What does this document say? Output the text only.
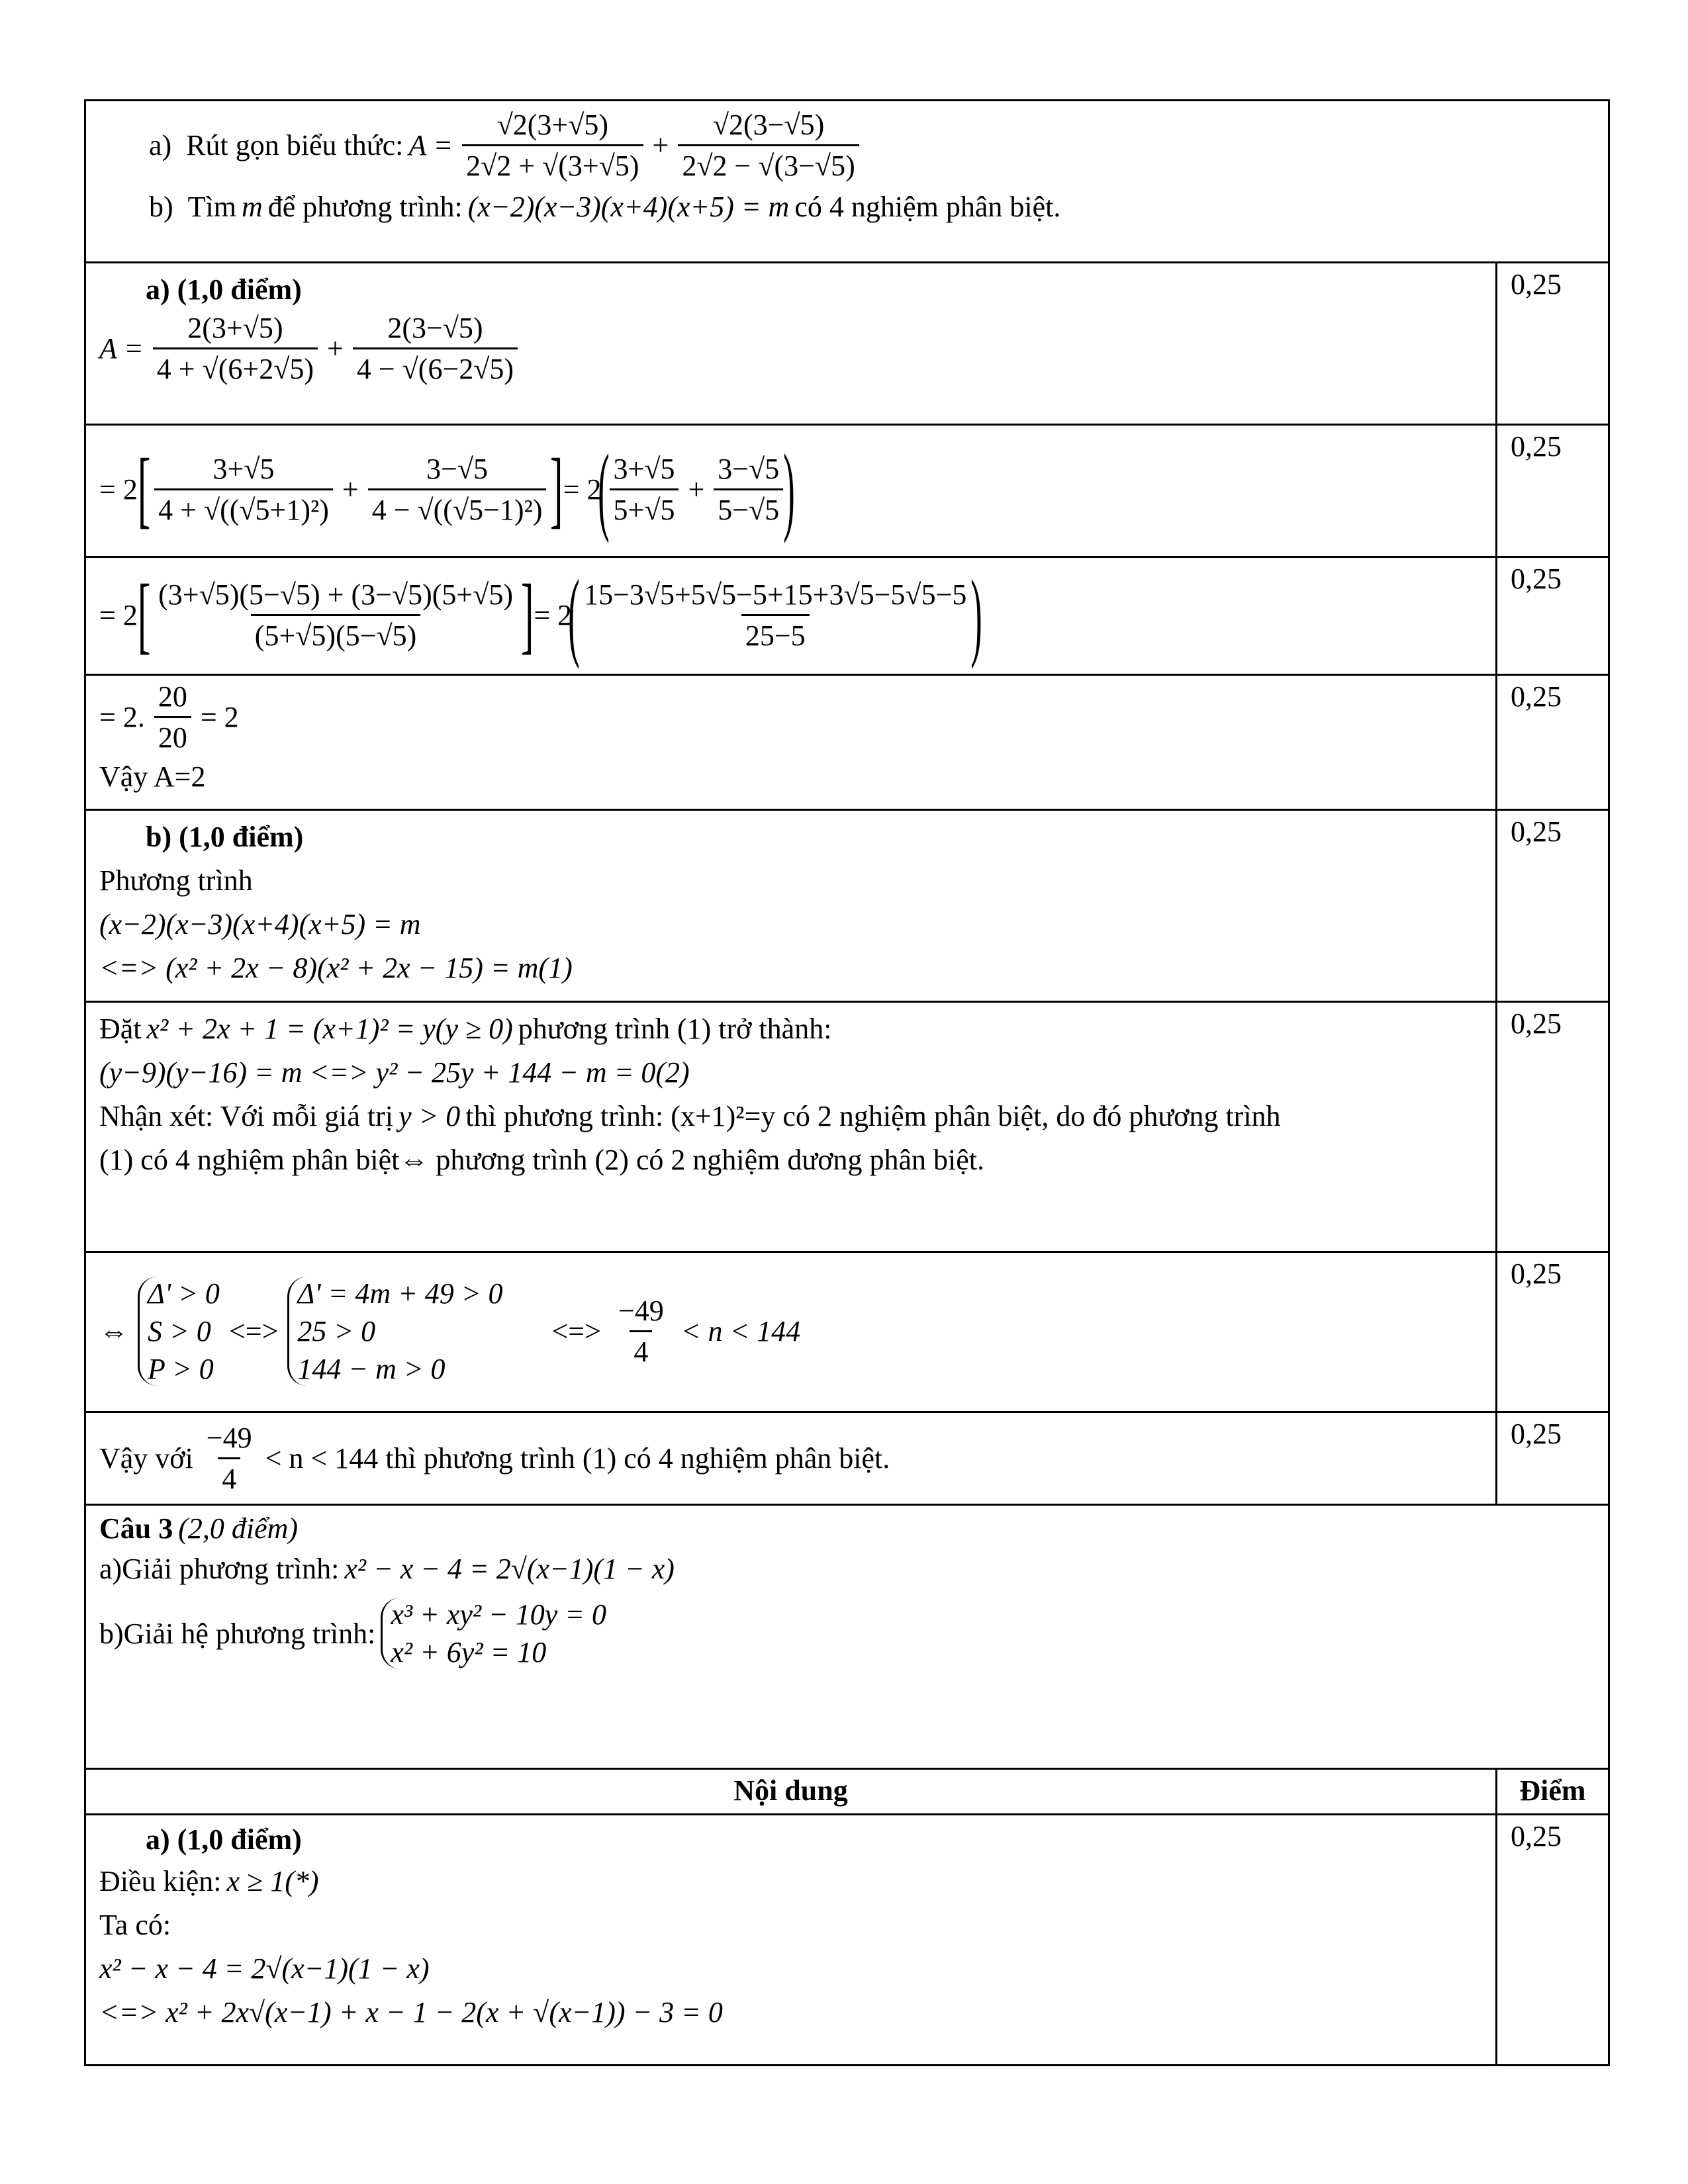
a) Rút gọn biểu thức: $A = \frac{√2(3+√5)}{2√2 + √(3+√5)} + \frac{√2(3-√5)}{2√2 - √(3-√5)}$
b) Tìm m để phương trình: (x−2)(x−3)(x+4)(x+5) = m có 4 nghiệm phân biệt.
a) (1,0 điểm)
$A = \frac{2(3+√5)}{4 + √(6+2√5)} + \frac{2(3-√5)}{4 - √(6-2√5)}$
0,25
= 2 [ $\frac{3+√5}{\text{4 + √((√5+1)²)}} + \frac{3-√5}{\text{4 − √((√5−1)²)}}$ ] = 2
( $\frac{3+√5}{5+√5} + \frac{3-√5}{5-√5}$ )	0,25
= 2 [ $\frac{(3+√5)(5-√5) + (3-√5)(5+√5)}{(5+√5)(5-√5)}$ ] = 2
( $\frac{15-3√5+5√5-5+15+3√5-5√5-5}{25-5}$ )	0,25
= 2. $\frac{20}{20} = 2$
Vậy A=2
0,25
b) (1,0 điểm)
Phương trình
(x−2)(x−3)(x+4)(x+5) = m
<=> (x² + 2x − 8)(x² + 2x − 15) = m(1)
0,25
Đặt x² + 2x + 1 = (x+1)² = y(y ≥ 0) phương trình (1) trở thành:
(y−9)(y−16) = m <=> y² − 25y + 144 − m = 0(2)
Nhận xét: Với mỗi giá trị y > 0 thì phương trình: (x+1)²=y có 2 nghiệm phân biệt, do đó phương trình
(1) có 4 nghiệm phân biệt⇔ phương trình (2) có 2 nghiệm dương phân biệt.
0,25
⇔
Δ' > 0
S > 0
P > 0
<=>
Δ' = 4m + 49 > 0
25 > 0
144 − m > 0
<=> $\frac{-49}{4} < n < 144$
0,25
Vậy với $\frac{-49}{4} < n < 144$ thì phương trình (1) có 4 nghiệm phân biệt.
0,25
Câu 3 (2,0 điểm)
a)Giải phương trình: x² − x − 4 = 2√(x−1)(1 − x)
b)Giải hệ phương trình:
x³ + xy² − 10y = 0
x² + 6y² = 10
Nội dung	Điểm
a) (1,0 điểm)
Điều kiện: x ≥ 1(*)
Ta có:
x² − x − 4 = 2√(x−1)(1 − x)
<=> x² + 2x√(x−1) + x − 1 − 2(x + √(x−1)) − 3 = 0
0,25
